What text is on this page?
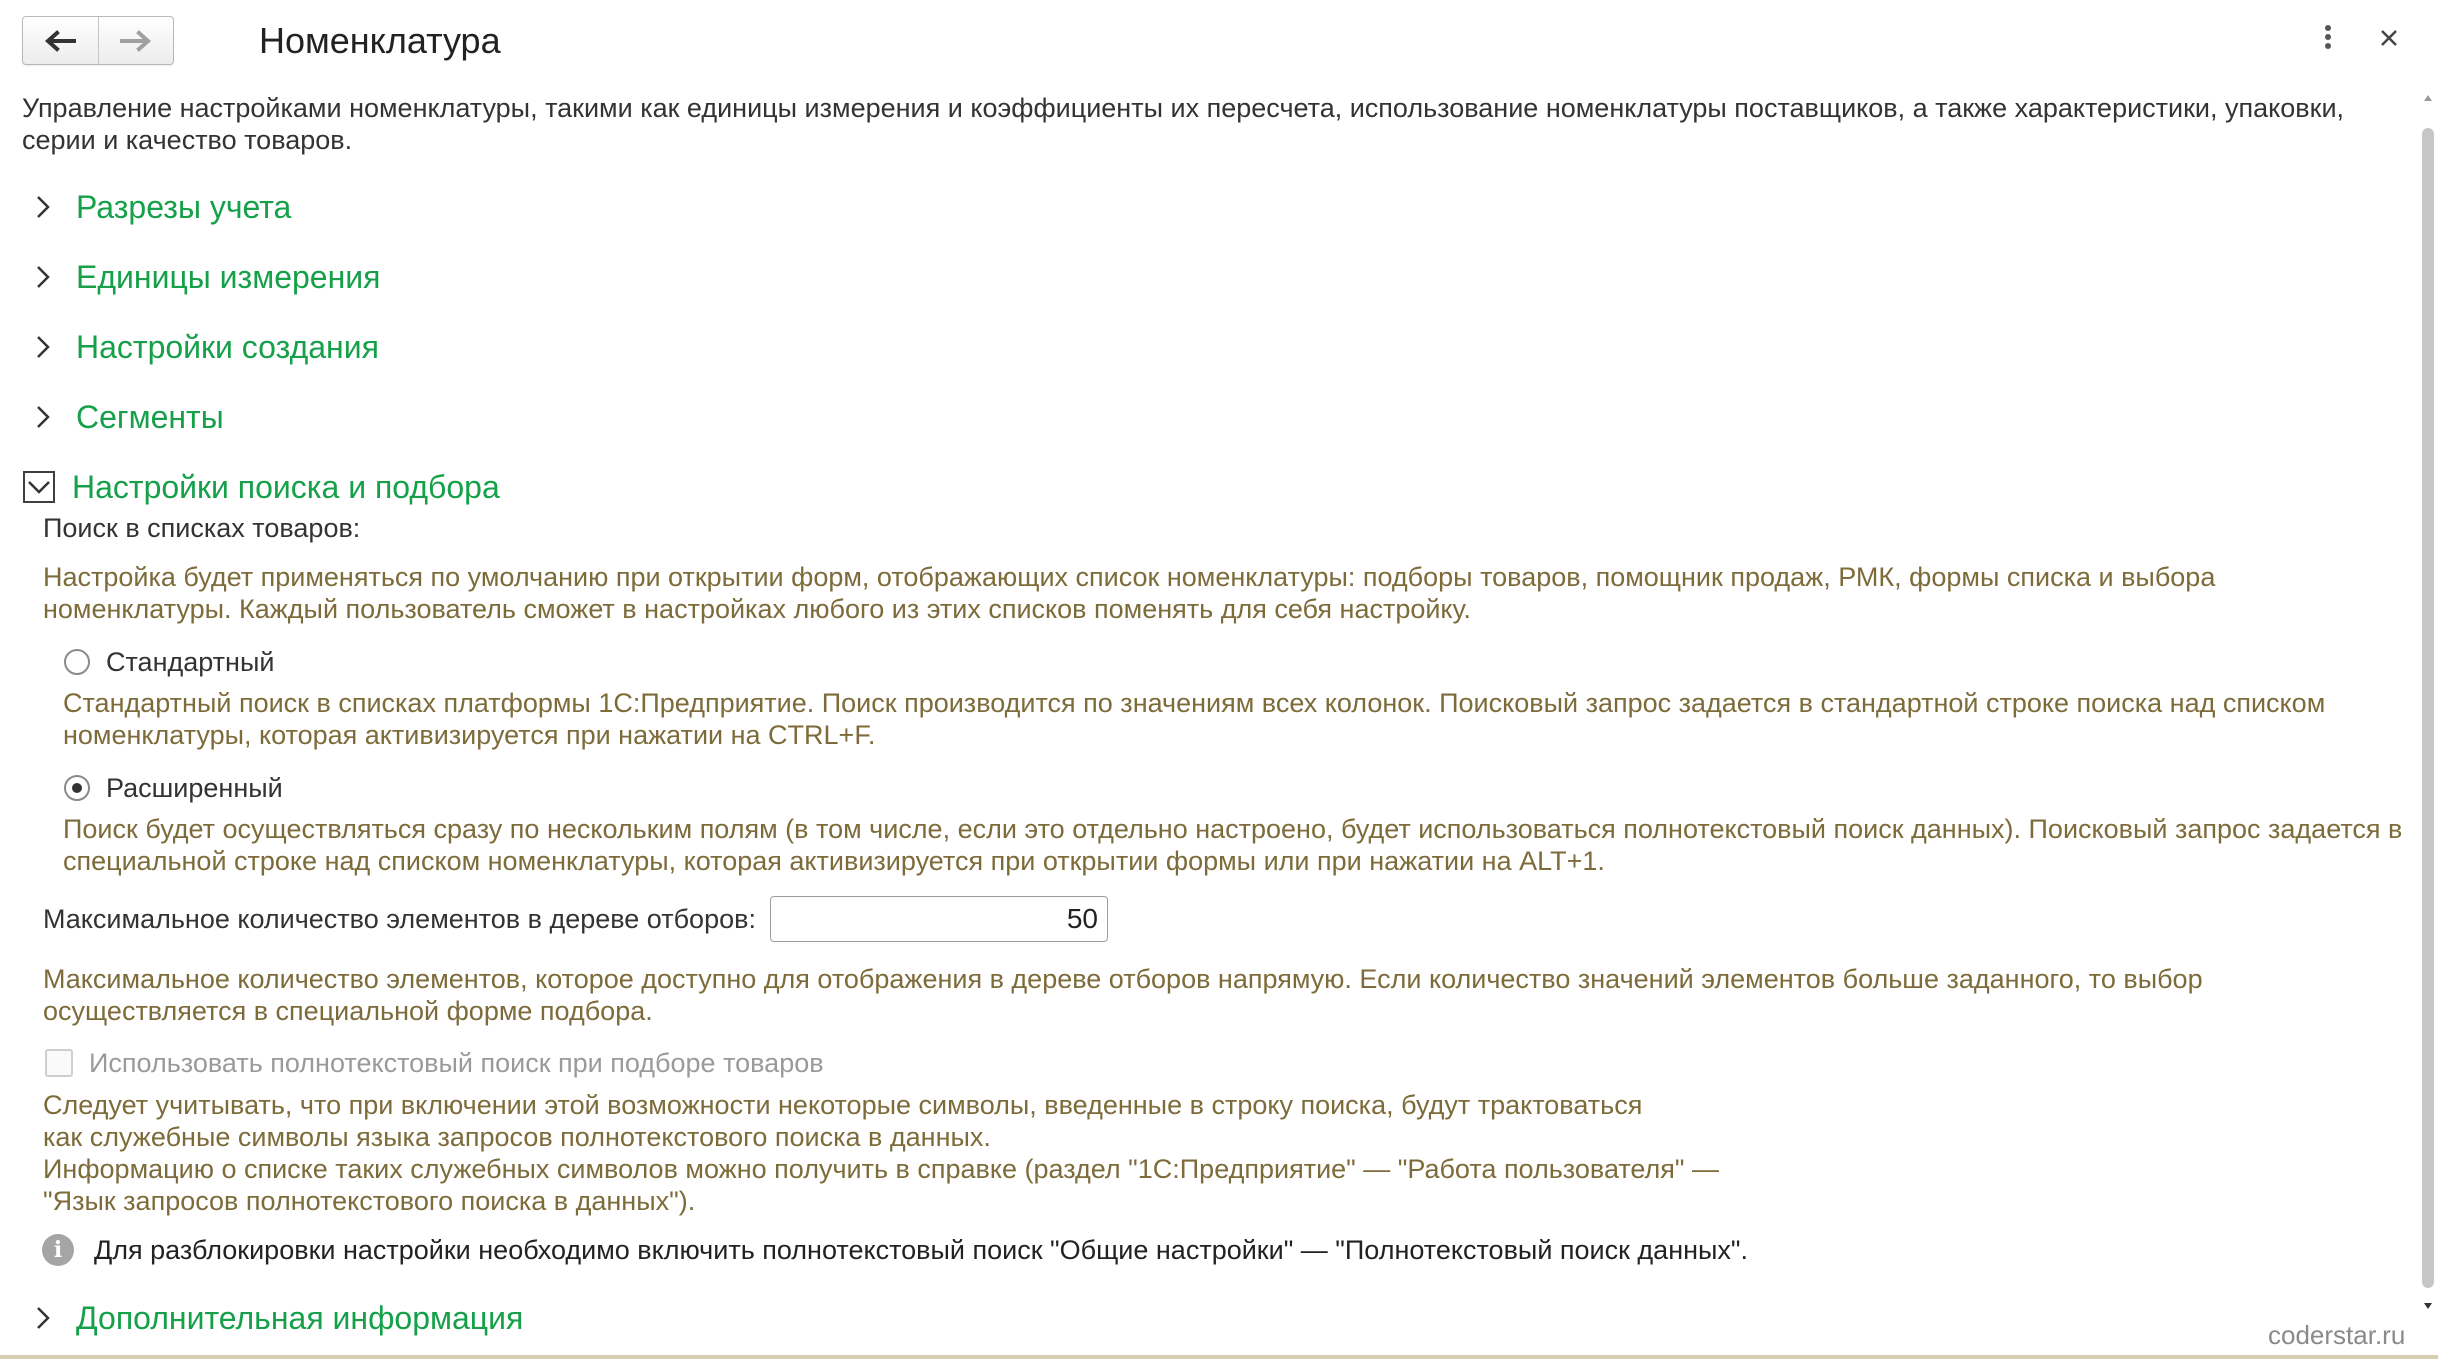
Номенклатура
Управление настройками номенклатуры, такими как единицы измерения и коэффициенты их пересчета, использование номенклатуры поставщиков, а также характеристики, упаковки, серии и качество товаров.
Разрезы учета
Единицы измерения
Настройки создания
Сегменты
Настройки поиска и подбора
Поиск в списках товаров:
Настройка будет применяться по умолчанию при открытии форм, отображающих список номенклатуры: подборы товаров, помощник продаж, РМК, формы списка и выбора номенклатуры. Каждый пользователь сможет в настройках любого из этих списков поменять для себя настройку.
Стандартный
Стандартный поиск в списках платформы 1С:Предприятие. Поиск производится по значениям всех колонок. Поисковый запрос задается в стандартной строке поиска над списком номенклатуры, которая активизируется при нажатии на CTRL+F.
Расширенный
Поиск будет осуществляться сразу по нескольким полям (в том числе, если это отдельно настроено, будет использоваться полнотекстовый поиск данных). Поисковый запрос задается в специальной строке над списком номенклатуры, которая активизируется при открытии формы или при нажатии на ALT+1.
Максимальное количество элементов в дереве отборов:	50
Максимальное количество элементов, которое доступно для отображения в дереве отборов напрямую. Если количество значений элементов больше заданного, то выбор осуществляется в специальной форме подбора.
Использовать полнотекстовый поиск при подборе товаров
Следует учитывать, что при включении этой возможности некоторые символы, введенные в строку поиска, будут трактоваться
как служебные символы языка запросов полнотекстового поиска в данных.
Информацию о списке таких служебных символов можно получить в справке (раздел "1С:Предприятие" — "Работа пользователя" —
"Язык запросов полнотекстового поиска в данных").
i	Для разблокировки настройки необходимо включить полнотекстовый поиск "Общие настройки" — "Полнотекстовый поиск данных".
Дополнительная информация	coderstar.ru
